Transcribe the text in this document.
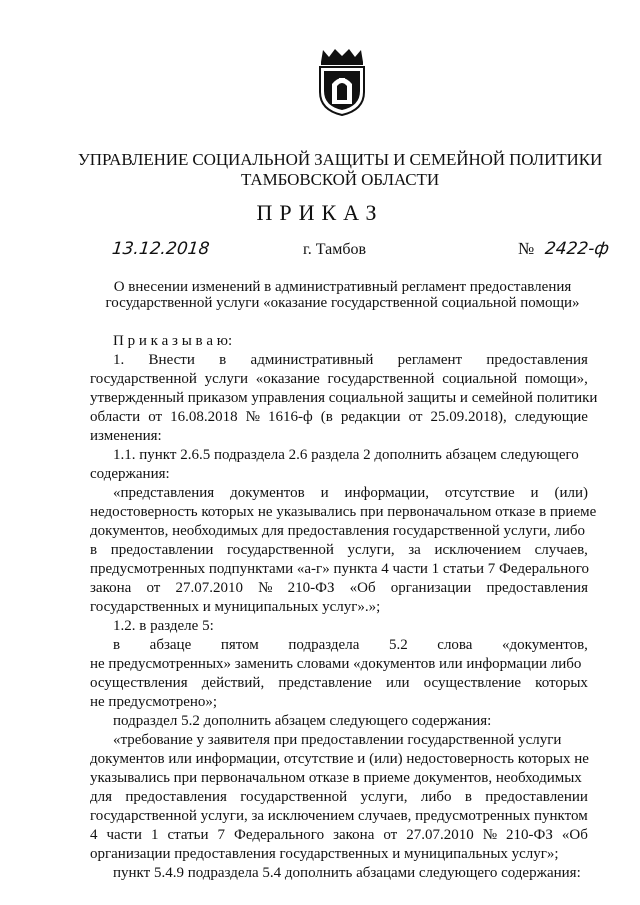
УПРАВЛЕНИЕ СОЦИАЛЬНОЙ ЗАЩИТЫ И СЕМЕЙНОЙ ПОЛИТИКИ
ТАМБОВСКОЙ ОБЛАСТИ
ПРИКАЗ
13.12.2018	г. Тамбов	№ 2422-ф
О внесении изменений в административный регламент предоставления
государственной услуги «оказание государственной социальной помощи»
П р и к а з ы в а ю:
1. Внести в административный регламент предоставления
государственной услуги «оказание государственной социальной помощи»,
утвержденный приказом управления социальной защиты и семейной политики
области от 16.08.2018 № 1616-ф (в редакции от 25.09.2018), следующие
изменения:
1.1. пункт 2.6.5 подраздела 2.6 раздела 2 дополнить абзацем следующего
содержания:
«представления документов и информации, отсутствие и (или)
недостоверность которых не указывались при первоначальном отказе в приеме
документов, необходимых для предоставления государственной услуги, либо
в предоставлении государственной услуги, за исключением случаев,
предусмотренных подпунктами «а-г» пункта 4 части 1 статьи 7 Федерального
закона от 27.07.2010 № 210-ФЗ «Об организации предоставления
государственных и муниципальных услуг».»;
1.2. в разделе 5:
в абзаце пятом подраздела 5.2 слова «документов,
не предусмотренных» заменить словами «документов или информации либо
осуществления действий, представление или осуществление которых
не предусмотрено»;
подраздел 5.2 дополнить абзацем следующего содержания:
«требование у заявителя при предоставлении государственной услуги
документов или информации, отсутствие и (или) недостоверность которых не
указывались при первоначальном отказе в приеме документов, необходимых
для предоставления государственной услуги, либо в предоставлении
государственной услуги, за исключением случаев, предусмотренных пунктом
4 части 1 статьи 7 Федерального закона от 27.07.2010 № 210-ФЗ «Об
организации предоставления государственных и муниципальных услуг»;
пункт 5.4.9 подраздела 5.4 дополнить абзацами следующего содержания:
